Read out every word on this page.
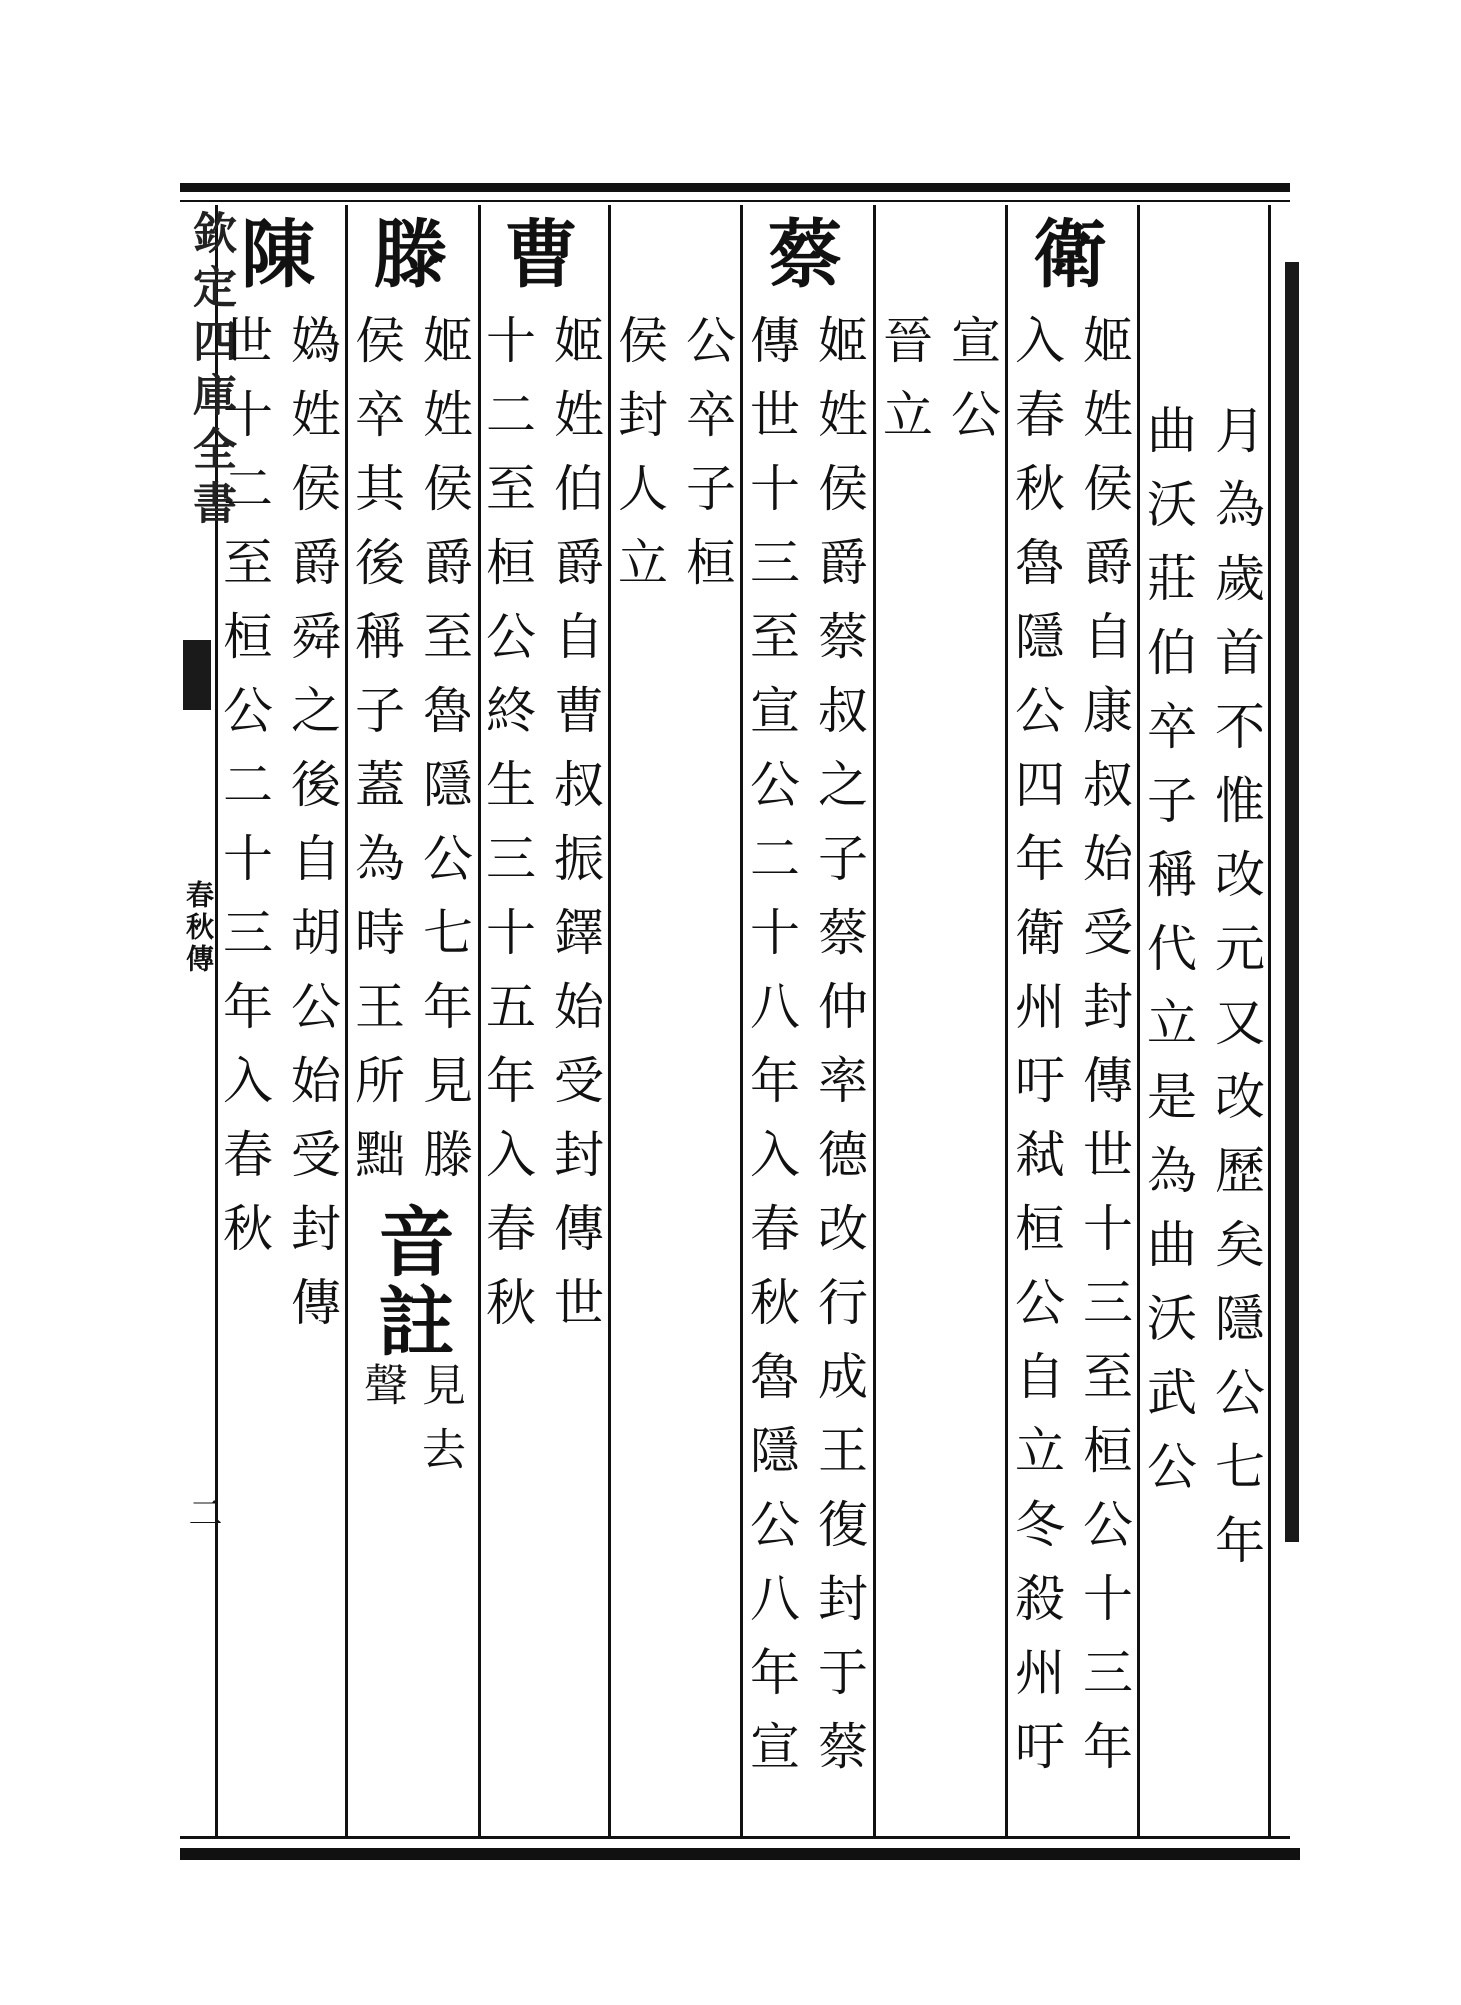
欽定四庫全書
春秋傳
二	月為歲首不惟改元又改歷矣隱公七年
曲沃莊伯卒子稱代立是為曲沃武公
衛
姬姓侯爵自康叔始受封傳世十三至桓公十三年
入春秋魯隱公四年衛州吁弒桓公自立冬殺州吁
宣公
晉立
蔡
姬姓侯爵蔡叔之子蔡仲率德改行成王復封于蔡
傳世十三至宣公二十八年入春秋魯隱公八年宣
公卒子桓
侯封人立
曹
姬姓伯爵自曹叔振鐸始受封傳世
十二至桓公終生三十五年入春秋
滕
姬姓侯爵至魯隱公七年見滕
侯卒其後稱子蓋為時王所黜
音註
見去
聲
陳
媯姓侯爵舜之後自胡公始受封傳
世十二至桓公二十三年入春秋
